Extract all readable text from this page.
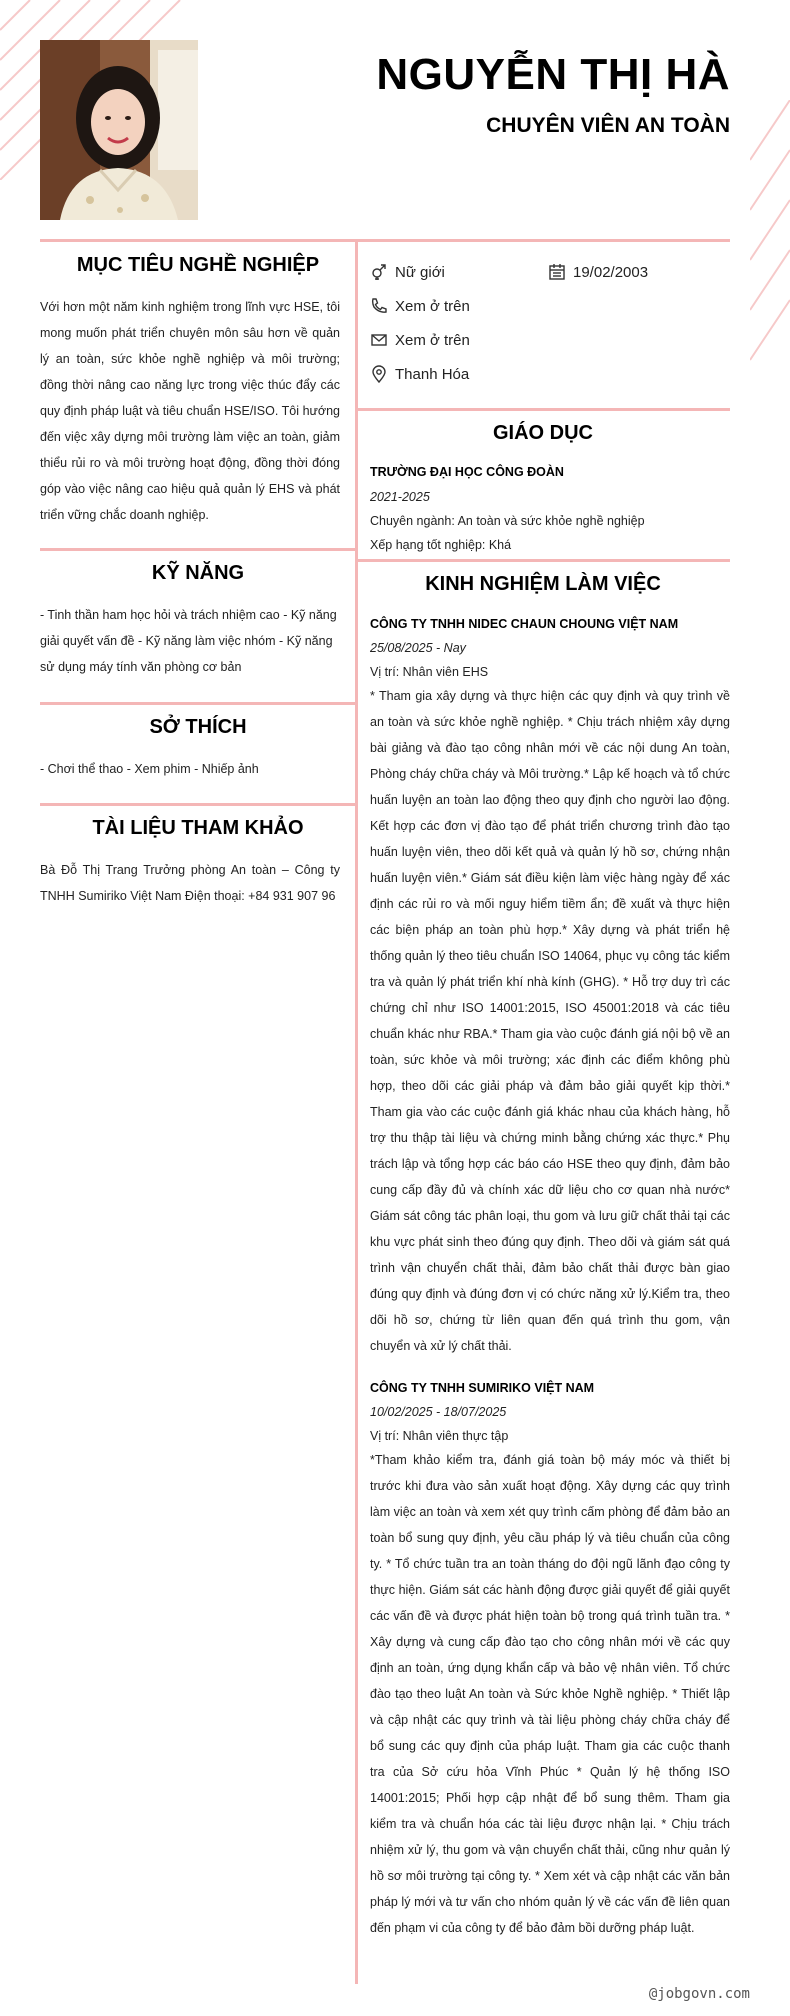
NGUYỄN THỊ HÀ
CHUYÊN VIÊN AN TOÀN
MỤC TIÊU NGHỀ NGHIỆP
Với hơn một năm kinh nghiệm trong lĩnh vực HSE, tôi mong muốn phát triển chuyên môn sâu hơn về quản lý an toàn, sức khỏe nghề nghiệp và môi trường; đồng thời nâng cao năng lực trong việc thúc đẩy các quy định pháp luật và tiêu chuẩn HSE/ISO. Tôi hướng đến việc xây dựng môi trường làm việc an toàn, giảm thiểu rủi ro và môi trường hoạt động, đồng thời đóng góp vào việc nâng cao hiệu quả quản lý EHS và phát triển vững chắc doanh nghiệp.
KỸ NĂNG
- Tinh thần ham học hỏi và trách nhiệm cao - Kỹ năng giải quyết vấn đề - Kỹ năng làm việc nhóm - Kỹ năng sử dụng máy tính văn phòng cơ bản
SỞ THÍCH
- Chơi thể thao - Xem phim - Nhiếp ảnh
TÀI LIỆU THAM KHẢO
Bà Đỗ Thị Trang Trưởng phòng An toàn – Công ty TNHH Sumiriko Việt Nam Điện thoại: +84 931 907 96
Nữ giới	19/02/2003
Xem ở trên
Xem ở trên
Thanh Hóa
GIÁO DỤC
TRƯỜNG ĐẠI HỌC CÔNG ĐOÀN
2021-2025
Chuyên ngành: An toàn và sức khỏe nghề nghiệp
Xếp hạng tốt nghiệp: Khá
KINH NGHIỆM LÀM VIỆC
CÔNG TY TNHH NIDEC CHAUN CHOUNG VIỆT NAM
25/08/2025 - Nay
Vị trí: Nhân viên EHS
* Tham gia xây dựng và thực hiện các quy định và quy trình về an toàn và sức khỏe nghề nghiệp. * Chịu trách nhiệm xây dựng bài giảng và đào tạo công nhân mới về các nội dung An toàn, Phòng cháy chữa cháy và Môi trường.* Lập kế hoạch và tổ chức huấn luyện an toàn lao động theo quy định cho người lao động. Kết hợp các đơn vị đào tạo để phát triển chương trình đào tạo huấn luyện viên, theo dõi kết quả và quản lý hồ sơ, chứng nhận huấn luyện viên.* Giám sát điều kiện làm việc hàng ngày để xác định các rủi ro và mối nguy hiểm tiềm ẩn; đề xuất và thực hiện các biện pháp an toàn phù hợp.* Xây dựng và phát triển hệ thống quản lý theo tiêu chuẩn ISO 14064, phục vụ công tác kiểm tra và quản lý phát triển khí nhà kính (GHG). * Hỗ trợ duy trì các chứng chỉ như ISO 14001:2015, ISO 45001:2018 và các tiêu chuẩn khác như RBA.* Tham gia vào cuộc đánh giá nội bộ về an toàn, sức khỏe và môi trường; xác định các điểm không phù hợp, theo dõi các giải pháp và đảm bảo giải quyết kịp thời.* Tham gia vào các cuộc đánh giá khác nhau của khách hàng, hỗ trợ thu thập tài liệu và chứng minh bằng chứng xác thực.* Phụ trách lập và tổng hợp các báo cáo HSE theo quy định, đảm bảo cung cấp đầy đủ và chính xác dữ liệu cho cơ quan nhà nước* Giám sát công tác phân loại, thu gom và lưu giữ chất thải tại các khu vực phát sinh theo đúng quy định. Theo dõi và giám sát quá trình vận chuyển chất thải, đảm bảo chất thải được bàn giao đúng quy định và đúng đơn vị có chức năng xử lý.Kiểm tra, theo dõi hồ sơ, chứng từ liên quan đến quá trình thu gom, vận chuyển và xử lý chất thải.
CÔNG TY TNHH SUMIRIKO VIỆT NAM
10/02/2025 - 18/07/2025
Vị trí: Nhân viên thực tập
*Tham khảo kiểm tra, đánh giá toàn bộ máy móc và thiết bị trước khi đưa vào sản xuất hoạt động. Xây dựng các quy trình làm việc an toàn và xem xét quy trình cấm phòng để đảm bảo an toàn bổ sung quy định, yêu cầu pháp lý và tiêu chuẩn của công ty. * Tổ chức tuần tra an toàn tháng do đội ngũ lãnh đạo công ty thực hiện. Giám sát các hành động được giải quyết để giải quyết các vấn đề và được phát hiện toàn bộ trong quá trình tuần tra. * Xây dựng và cung cấp đào tạo cho công nhân mới về các quy định an toàn, ứng dụng khẩn cấp và bảo vệ nhân viên. Tổ chức đào tạo theo luật An toàn và Sức khỏe Nghề nghiệp. * Thiết lập và cập nhật các quy trình và tài liệu phòng cháy chữa cháy để bổ sung các quy định của pháp luật. Tham gia các cuộc thanh tra của Sở cứu hỏa Vĩnh Phúc * Quản lý hệ thống ISO 14001:2015; Phối hợp cập nhật để bổ sung thêm. Tham gia kiểm tra và chuẩn hóa các tài liệu được nhận lại. * Chịu trách nhiệm xử lý, thu gom và vận chuyển chất thải, cũng như quản lý hồ sơ môi trường tại công ty. * Xem xét và cập nhật các văn bản pháp lý mới và tư vấn cho nhóm quản lý về các vấn đề liên quan đến phạm vi của công ty để bảo đảm bồi dưỡng pháp luật.
@jobgovn.com
